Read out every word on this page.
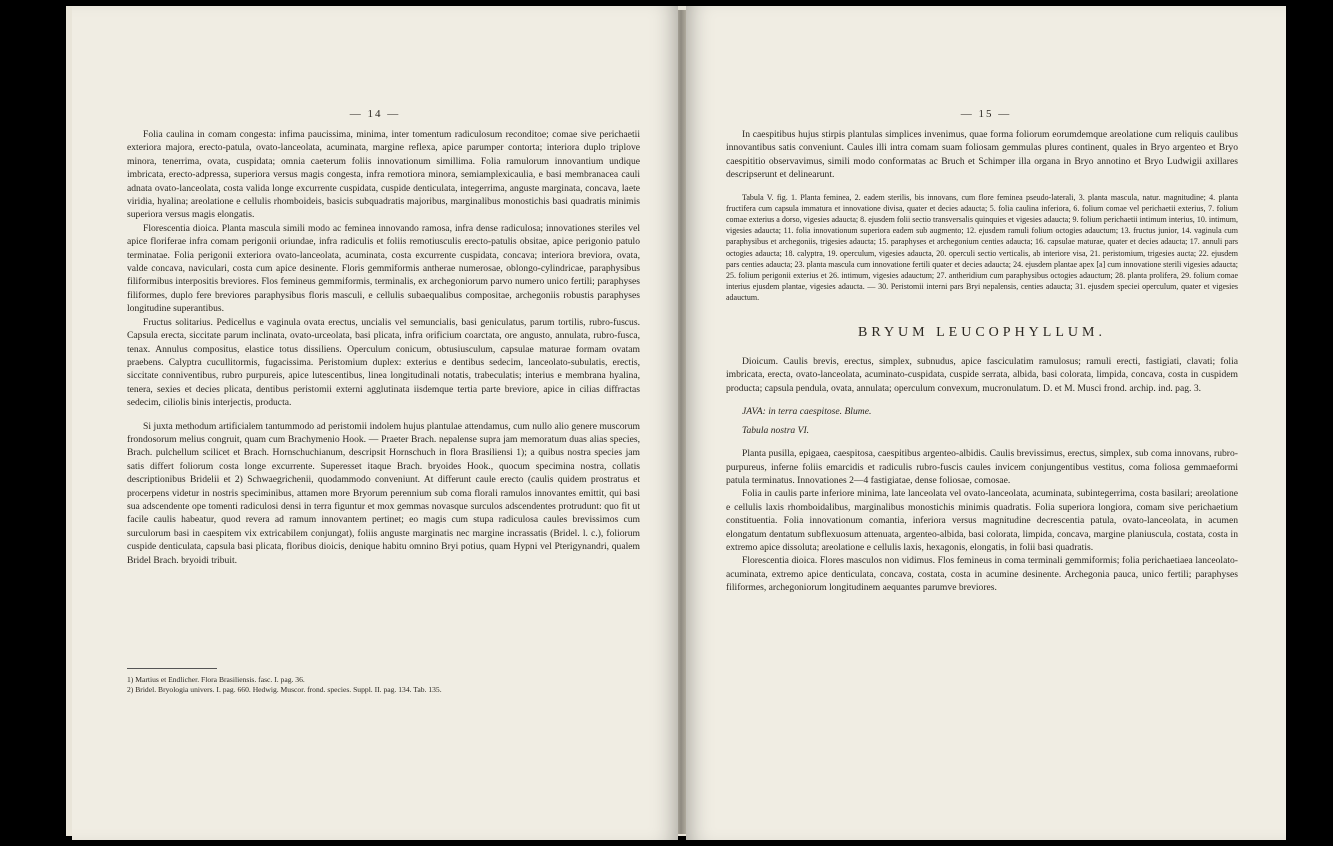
— 14 —

Folia caulina in comam congesta: infima paucissima, minima, inter tomentum radiculosum reconditoe; comae sive perichaetii exteriora majora, erecto-patula, ovato-lanceolata, acuminata, margine reflexa, apice parumper contorta; interiora duplo triplove minora, tenerrima, ovata, cuspidata; omnia caeterum foliis innovationum simillima. Folia ramulorum innovantium undique imbricata, erecto-adpressa, superiora versus magis congesta, infra remotiora minora, semiamplexicaulia, e basi membranacea cauli adnata ovato-lanceolata, costa valida longe excurrente cuspidata, cuspide denticulata, integerrima, anguste marginata, concava, laete viridia, hyalina; areolatione e cellulis rhomboideis, basicis subquadratis majoribus, marginalibus monostichis basi quadratis minimis superiora versus magis elongatis.

Florescentia dioica. Planta mascula simili modo ac feminea innovando ramosa, infra dense radiculosa; innovationes steriles vel apice floriferae infra comam perigonii oriundae, infra radiculis et foliis remotiusculis erecto-patulis obsitae, apice perigonio patulo terminatae. Folia perigonii exteriora ovato-lanceolata, acuminata, costa excurrente cuspidata, concava; interiora breviora, ovata, valde concava, naviculari, costa cum apice desinente. Floris gemmiformis antherae numerosae, oblongo-cylindricae, paraphysibus filiformibus interpositis breviores. Flos femineus gemmiformis, terminalis, ex archegoniorum parvo numero unico fertili; paraphyses filiformes, duplo fere breviores paraphysibus floris masculi, e cellulis subaequalibus compositae, archegoniis robustis paraphyses longitudine superantibus.

Fructus solitarius. Pedicellus e vaginula ovata erectus, uncialis vel semuncialis, basi geniculatus, parum tortilis, rubro-fuscus. Capsula erecta, siccitate parum inclinata, ovato-urceolata, basi plicata, infra orificium coarctata, ore angusto, annulata, rubro-fusca, tenax. Annulus compositus, elastice totus dissiliens. Operculum conicum, obtusiusculum, capsulae maturae formam ovatam praebens. Calyptra cucullitormis, fugacissima. Peristomium duplex: exterius e dentibus sedecim, lanceolato-subulatis, erectis, siccitate conniventibus, rubro purpureis, apice lutescentibus, linea longitudinali notatis, trabeculatis; interius e membrana hyalina, tenera, sexies et decies plicata, dentibus peristomii externi agglutinata iisdemque tertia parte breviore, apice in cilias diffractas sedecim, ciliolis binis interjectis, producta.

Si juxta methodum artificialem tantummodo ad peristomii indolem hujus plantulae attendamus, cum nullo alio genere muscorum frondosorum melius congruit, quam cum Brachymenio Hook. — Praeter Brach. nepalense supra jam memoratum duas alias species, Brach. pulchellum scilicet et Brach. Hornschuchianum, descripsit Hornschuch in flora Brasiliensi 1); a quibus nostra species jam satis differt foliorum costa longe excurrente. Superesset itaque Brach. bryoides Hook., quocum specimina nostra, collatis descriptionibus Bridelii et 2) Schwaegrichenii, quodammodo conveniunt. At differunt caule erecto (caulis quidem prostratus et procerpens videtur in nostris speciminibus, attamen more Bryorum perennium sub coma florali ramulos innovantes emittit, qui basi sua adscendente ope tomenti radiculosi densi in terra figuntur et mox gemmas novasque surculos adscendentes protrudunt: quo fit ut facile caulis habeatur, quod revera ad ramum innovantem pertinet; eo magis cum stupa radiculosa caules brevissimos cum surculorum basi in caespitem vix extricabilem conjungat), foliis anguste marginatis nec margine incrassatis (Bridel. l. c.), foliorum cuspide denticulata, capsula basi plicata, floribus dioicis, denique habitu omnino Bryi potius, quam Hypni vel Pterigynandri, qualem Bridel Brach. bryoidi tribuit.

1) Martius et Endlicher. Flora Brasiliensis. fasc. I. pag. 36.

2) Bridel. Bryologia univers. I. pag. 660. Hedwig. Muscor. frond. species. Suppl. II. pag. 134. Tab. 135.

— 15 —

In caespitibus hujus stirpis plantulas simplices invenimus, quae forma foliorum eorumdemque areolatione cum reliquis caulibus innovantibus satis conveniunt. Caules illi intra comam suam foliosam gemmulas plures continent, quales in Bryo argenteo et Bryo caespititio observavimus, simili modo conformatas ac Bruch et Schimper illa organa in Bryo annotino et Bryo Ludwigii axillares descripserunt et delinearunt.

Tabula V. fig. 1. Planta feminea, 2. eadem sterilis, bis innovans, cum flore feminea pseudo-laterali, 3. planta mascula, natur. magnitudine; 4. planta fructifera cum capsula immatura et innovatione divisa, quater et decies adaucta; 5. folia caulina inferiora, 6. folium comae vel perichaetii exterius, 7. folium comae exterius a dorso, vigesies adaucta; 8. ejusdem folii sectio transversalis quinquies et vigesies adaucta; 9. folium perichaetii intimum interius, 10. intimum, vigesies adaucta; 11. folia innovationum superiora eadem sub augmento; 12. ejusdem ramuli folium octogies adauctum; 13. fructus junior, 14. vaginula cum paraphysibus et archegoniis, trigesies adaucta; 15. paraphyses et archegonium centies adaucta; 16. capsulae maturae, quater et decies adaucta; 17. annuli pars octogies adaucta; 18. calyptra, 19. operculum, vigesies adaucta, 20. operculi sectio verticalis, ab interiore visa, 21. peristomium, trigesies aucta; 22. ejusdem pars centies adaucta; 23. planta mascula cum innovatione fertili quater et decies adaucta; 24. ejusdem plantae apex [a] cum innovatione sterili vigesies adaucta; 25. folium perigonii exterius et 26. intimum, vigesies adauctum; 27. antheridium cum paraphysibus octogies adauctum; 28. planta prolifera, 29. folium comae interius ejusdem plantae, vigesies adaucta. — 30. Peristomii interni pars Bryi nepalensis, centies adaucta; 31. ejusdem speciei operculum, quater et vigesies adauctum.

BRYUM LEUCOPHYLLUM.

Dioicum. Caulis brevis, erectus, simplex, subnudus, apice fasciculatim ramulosus; ramuli erecti, fastigiati, clavati; folia imbricata, erecta, ovato-lanceolata, acuminato-cuspidata, cuspide serrata, albida, basi colorata, limpida, concava, costa in cuspidem producta; capsula pendula, ovata, annulata; operculum convexum, mucronulatum. D. et M. Musci frond. archip. ind. pag. 3.

JAVA: in terra caespitose. Blume.

Tabula nostra VI.

Planta pusilla, epigaea, caespitosa, caespitibus argenteo-albidis. Caulis brevissimus, erectus, simplex, sub coma innovans, rubro-purpureus, inferne foliis emarcidis et radiculis rubro-fuscis caules invicem conjungentibus vestitus, coma foliosa gemmaeformi patula terminatus. Innovationes 2—4 fastigiatae, dense foliosae, comosae.

Folia in caulis parte inferiore minima, late lanceolata vel ovato-lanceolata, acuminata, subintegerrima, costa basilari; areolatione e cellulis laxis rhomboidalibus, marginalibus monostichis minimis quadratis. Folia superiora longiora, comam sive perichaetium constituentia. Folia innovationum comantia, inferiora versus magnitudine decrescentia patula, ovato-lanceolata, in acumen elongatum dentatum subflexuosum attenuata, argenteo-albida, basi colorata, limpida, concava, margine planiuscula, costata, costa in extremo apice dissoluta; areolatione e cellulis laxis, hexagonis, elongatis, in folii basi quadratis.

Florescentia dioica. Flores masculos non vidimus. Flos femineus in coma terminali gemmiformis; folia perichaetiaea lanceolato-acuminata, extremo apice denticulata, concava, costata, costa in acumine desinente. Archegonia pauca, unico fertili; paraphyses filiformes, archegoniorum longitudinem aequantes parumve breviores.
